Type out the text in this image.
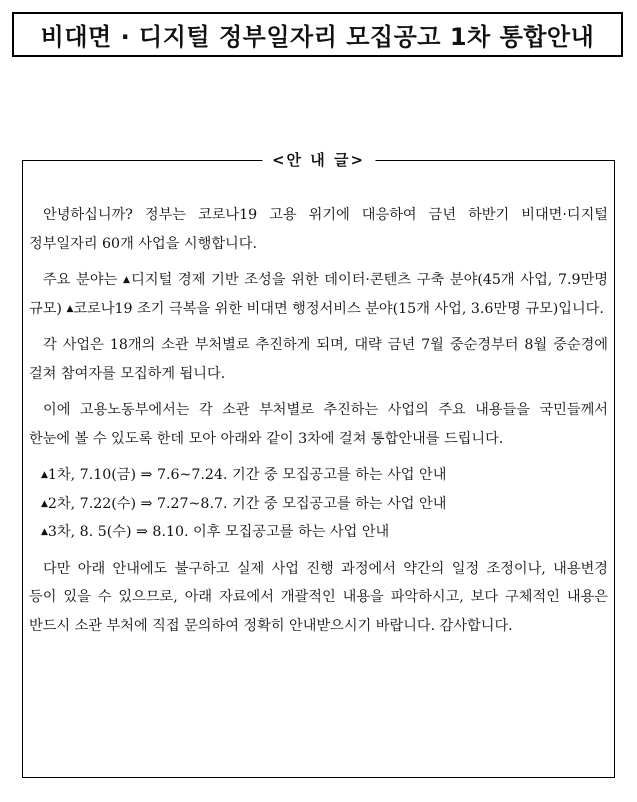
비대면 · 디지털 정부일자리 모집공고 1차 통합안내
<안 내 글>

안녕하십니까? 정부는 코로나19 고용 위기에 대응하여 금년 하반기 비대면·디지털 정부일자리 60개 사업을 시행합니다.

주요 분야는 ▲디지털 경제 기반 조성을 위한 데이터·콘텐츠 구축 분야(45개 사업, 7.9만명 규모) ▲코로나19 조기 극복을 위한 비대면 행정서비스 분야(15개 사업, 3.6만명 규모)입니다.

각 사업은 18개의 소관 부처별로 추진하게 되며, 대략 금년 7월 중순경부터 8월 중순경에 걸쳐 참여자를 모집하게 됩니다.

이에 고용노동부에서는 각 소관 부처별로 추진하는 사업의 주요 내용들을 국민들께서 한눈에 볼 수 있도록 한데 모아 아래와 같이 3차에 걸쳐 통합안내를 드립니다.

▲1차, 7.10(금) ⇒ 7.6~7.24. 기간 중 모집공고를 하는 사업 안내
▲2차, 7.22(수) ⇒ 7.27~8.7. 기간 중 모집공고를 하는 사업 안내
▲3차, 8. 5(수) ⇒ 8.10. 이후 모집공고를 하는 사업 안내

다만 아래 안내에도 불구하고 실제 사업 진행 과정에서 약간의 일정 조정이나, 내용변경 등이 있을 수 있으므로, 아래 자료에서 개괄적인 내용을 파악하시고, 보다 구체적인 내용은 반드시 소관 부처에 직접 문의하여 정확히 안내받으시기 바랍니다. 감사합니다.
